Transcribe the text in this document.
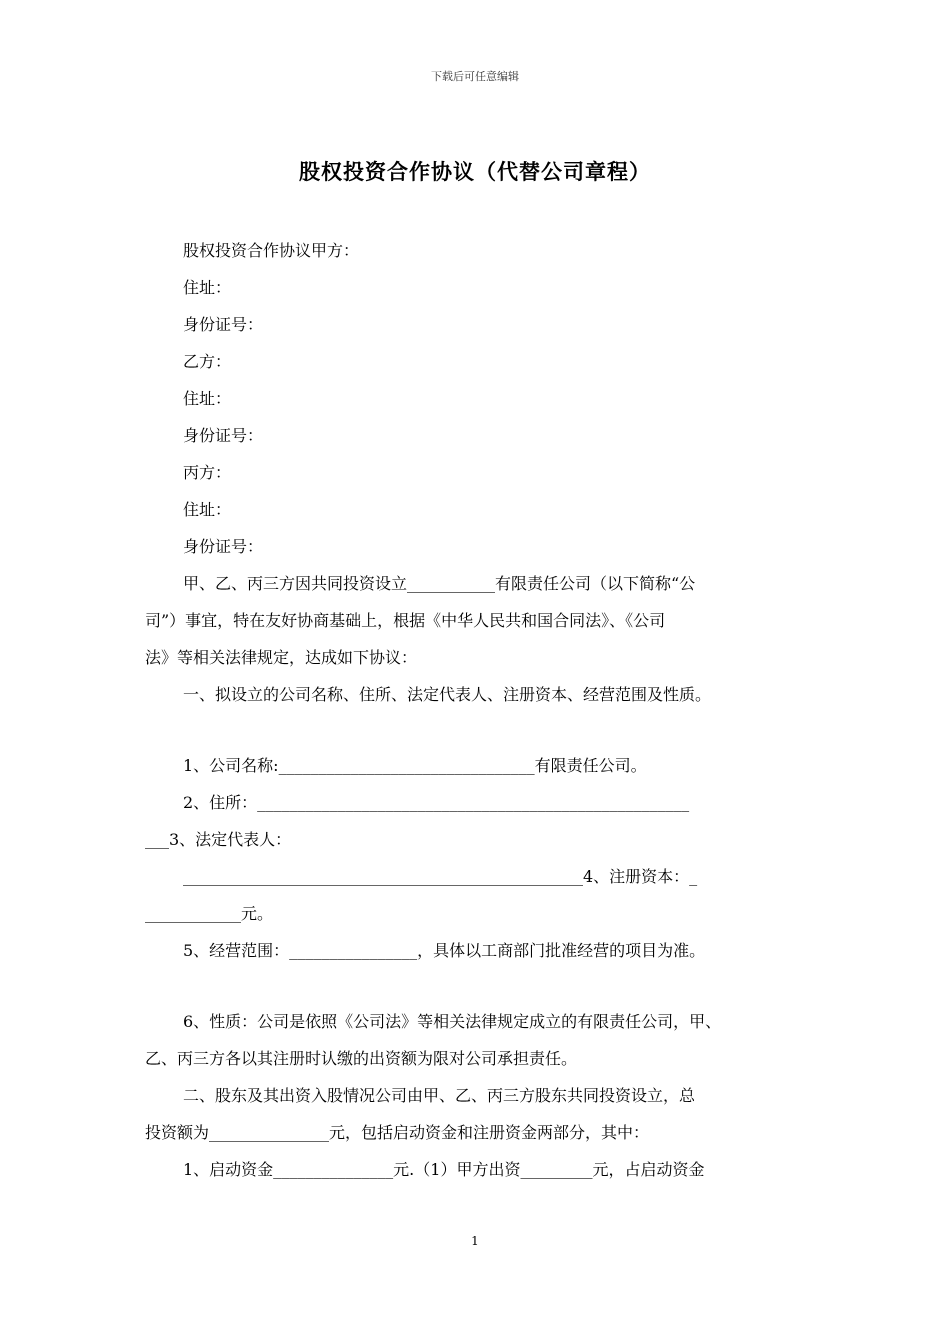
下载后可任意编辑
股权投资合作协议（代替公司章程）

股权投资合作协议甲方：

住址：

身份证号：

乙方：

住址：

身份证号：

丙方：

住址：

身份证号：

甲、乙、丙三方因共同投资设立___________有限责任公司（以下简称“公

司”）事宜，特在友好协商基础上，根据《中华人民共和国合同法》、《公司

法》等相关法律规定，达成如下协议：

一、拟设立的公司名称、住所、法定代表人、注册资本、经营范围及性质。

1、公司名称:________________________________有限责任公司。

2、住所：______________________________________________________

___3、法定代表人：

__________________________________________________4、注册资本：_

____________元。

5、经营范围：________________，具体以工商部门批准经营的项目为准。

6、性质：公司是依照《公司法》等相关法律规定成立的有限责任公司，甲、

乙、丙三方各以其注册时认缴的出资额为限对公司承担责任。

二、股东及其出资入股情况公司由甲、乙、丙三方股东共同投资设立，总

投资额为_______________元，包括启动资金和注册资金两部分，其中：

1、启动资金_______________元.（1）甲方出资_________元，占启动资金

1
